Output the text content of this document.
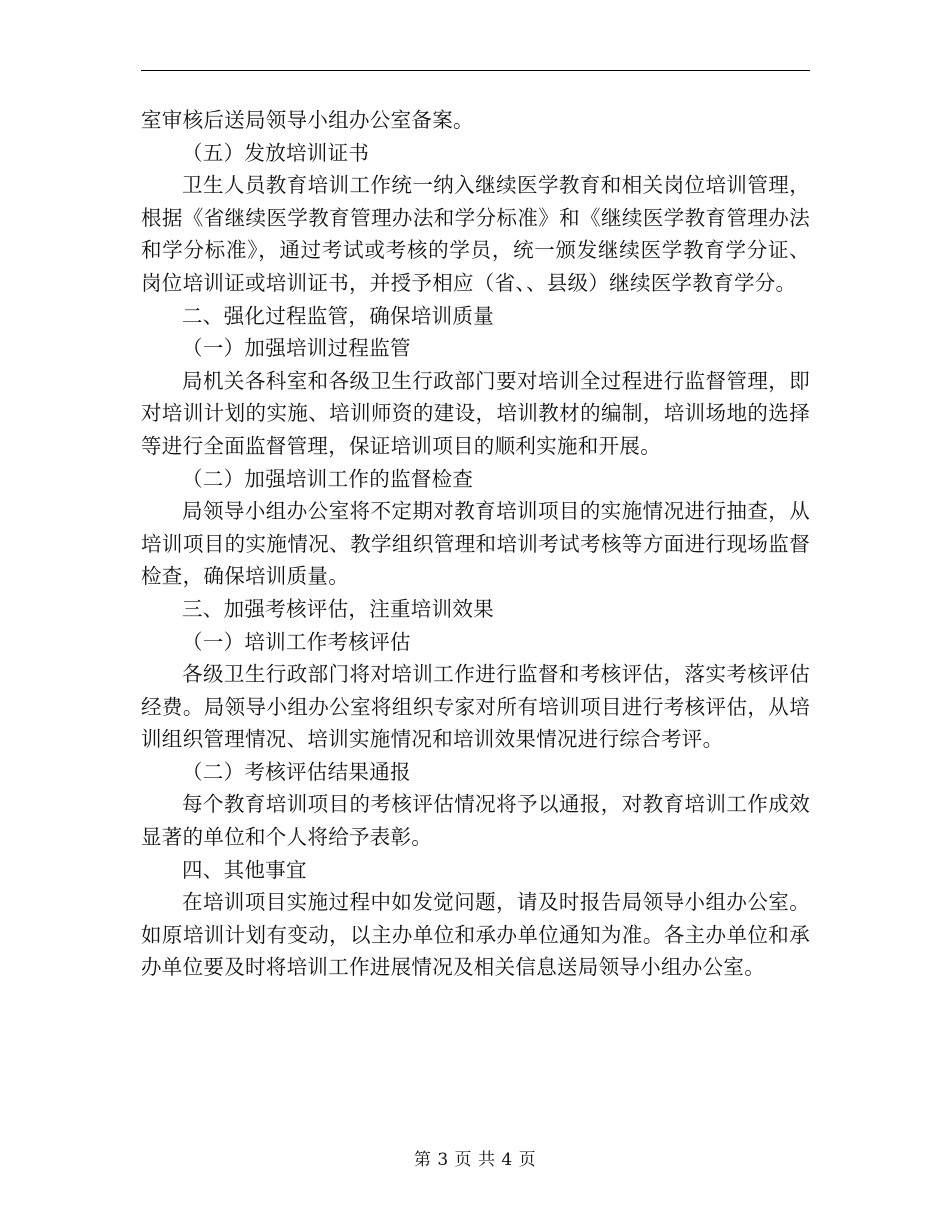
室审核后送局领导小组办公室备案。

（五）发放培训证书

卫生人员教育培训工作统一纳入继续医学教育和相关岗位培训管理，根据《省继续医学教育管理办法和学分标准》和《继续医学教育管理办法和学分标准》，通过考试或考核的学员，统一颁发继续医学教育学分证、岗位培训证或培训证书，并授予相应（省、、县级）继续医学教育学分。

二、强化过程监管，确保培训质量

（一）加强培训过程监管

局机关各科室和各级卫生行政部门要对培训全过程进行监督管理，即对培训计划的实施、培训师资的建设，培训教材的编制，培训场地的选择等进行全面监督管理，保证培训项目的顺利实施和开展。

（二）加强培训工作的监督检查

局领导小组办公室将不定期对教育培训项目的实施情况进行抽查，从培训项目的实施情况、教学组织管理和培训考试考核等方面进行现场监督检查，确保培训质量。

三、加强考核评估，注重培训效果

（一）培训工作考核评估

各级卫生行政部门将对培训工作进行监督和考核评估，落实考核评估经费。局领导小组办公室将组织专家对所有培训项目进行考核评估，从培训组织管理情况、培训实施情况和培训效果情况进行综合考评。

（二）考核评估结果通报

每个教育培训项目的考核评估情况将予以通报，对教育培训工作成效显著的单位和个人将给予表彰。

四、其他事宜

在培训项目实施过程中如发觉问题，请及时报告局领导小组办公室。如原培训计划有变动，以主办单位和承办单位通知为准。各主办单位和承办单位要及时将培训工作进展情况及相关信息送局领导小组办公室。

第 3 页 共 4 页
